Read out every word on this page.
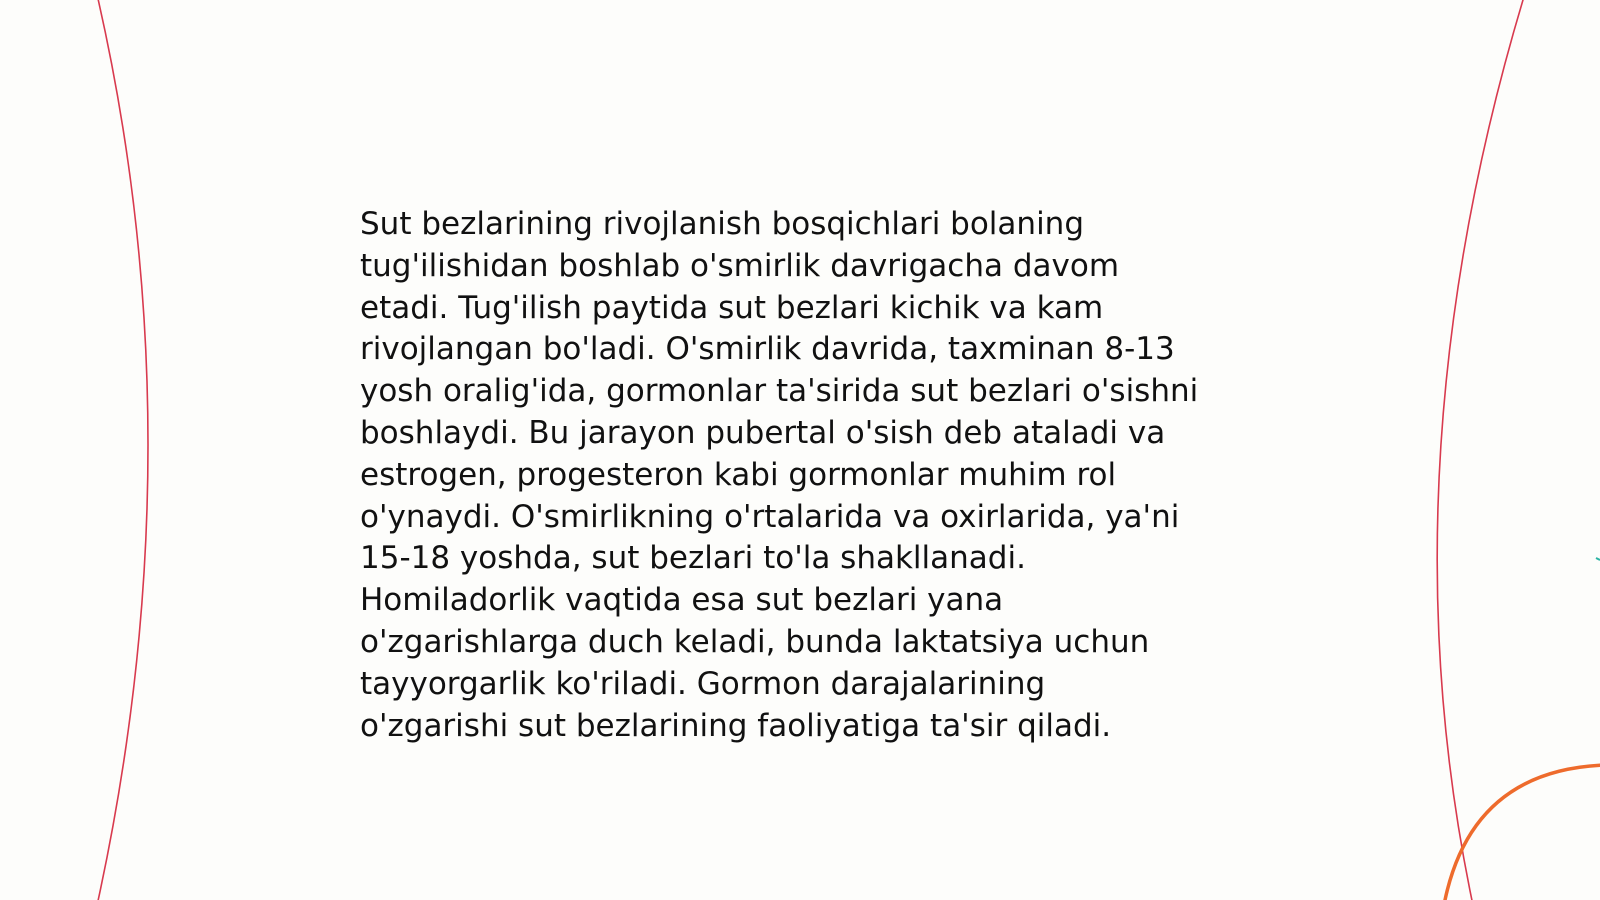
Sut bezlarining rivojlanish bosqichlari bolaning
tug'ilishidan boshlab o'smirlik davrigacha davom
etadi. Tug'ilish paytida sut bezlari kichik va kam
rivojlangan bo'ladi. O'smirlik davrida, taxminan 8-13
yosh oralig'ida, gormonlar ta'sirida sut bezlari o'sishni
boshlaydi. Bu jarayon pubertal o'sish deb ataladi va
estrogen, progesteron kabi gormonlar muhim rol
o'ynaydi. O'smirlikning o'rtalarida va oxirlarida, ya'ni
15-18 yoshda, sut bezlari to'la shakllanadi.
Homiladorlik vaqtida esa sut bezlari yana
o'zgarishlarga duch keladi, bunda laktatsiya uchun
tayyorgarlik ko'riladi. Gormon darajalarining
o'zgarishi sut bezlarining faoliyatiga ta'sir qiladi.
